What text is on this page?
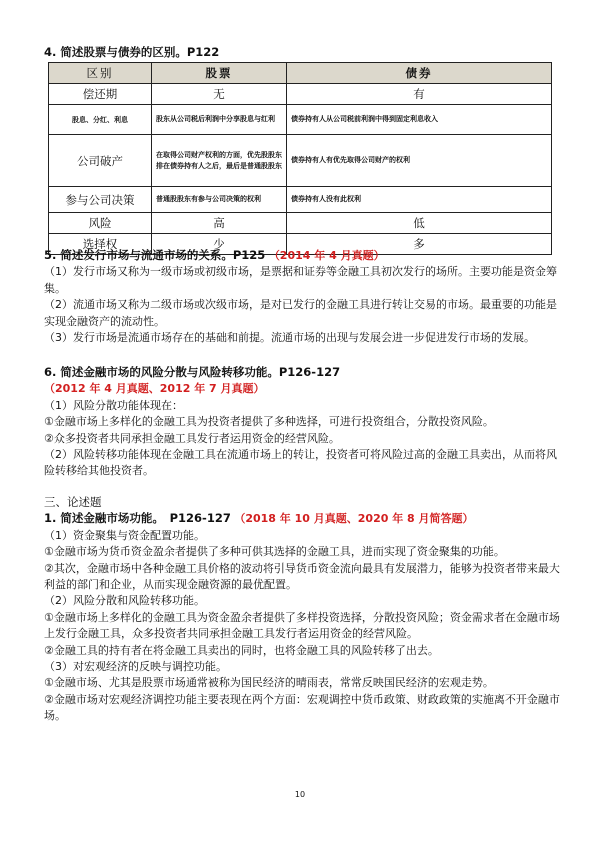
4. 简述股票与债券的区别。P122
区别	股票	债券
偿还期	无	有
股息、分红、利息	股东从公司税后利润中分享股息与红利	债券持有人从公司税前利润中得到固定利息收入
公司破产	在取得公司财产权利的方面，优先股股东排在债券持有人之后，最后是普通股股东	债券持有人有优先取得公司财产的权利
参与公司决策	普通股股东有参与公司决策的权利	债券持有人没有此权利
风险	高	低
选择权	少	多
5. 简述发行市场与流通市场的关系。P125 （2014 年 4 月真题）
（1）发行市场又称为一级市场或初级市场，是票据和证券等金融工具初次发行的场所。主要功能是资金筹集。
（2）流通市场又称为二级市场或次级市场，是对已发行的金融工具进行转让交易的市场。最重要的功能是实现金融资产的流动性。
（3）发行市场是流通市场存在的基础和前提。流通市场的出现与发展会进一步促进发行市场的发展。
6. 简述金融市场的风险分散与风险转移功能。P126-127 （2012 年 4 月真题、2012 年 7 月真题）
（1）风险分散功能体现在：
①金融市场上多样化的金融工具为投资者提供了多种选择，可进行投资组合，分散投资风险。
②众多投资者共同承担金融工具发行者运用资金的经营风险。
（2）风险转移功能体现在金融工具在流通市场上的转让，投资者可将风险过高的金融工具卖出，从而将风险转移给其他投资者。
三、论述题
1. 简述金融市场功能。　P126-127 （2018 年 10 月真题、2020 年 8 月简答题）
（1）资金聚集与资金配置功能。
①金融市场为货币资金盈余者提供了多种可供其选择的金融工具，进而实现了资金聚集的功能。
②其次，金融市场中各种金融工具价格的波动将引导货币资金流向最具有发展潜力，能够为投资者带来最大利益的部门和企业，从而实现金融资源的最优配置。
（2）风险分散和风险转移功能。
①金融市场上多样化的金融工具为资金盈余者提供了多样投资选择，分散投资风险；资金需求者在金融市场上发行金融工具，众多投资者共同承担金融工具发行者运用资金的经营风险。
②金融工具的持有者在将金融工具卖出的同时，也将金融工具的风险转移了出去。
（3）对宏观经济的反映与调控功能。
①金融市场、尤其是股票市场通常被称为国民经济的晴雨表，常常反映国民经济的宏观走势。
②金融市场对宏观经济调控功能主要表现在两个方面：宏观调控中货币政策、财政政策的实施离不开金融市场。
10
